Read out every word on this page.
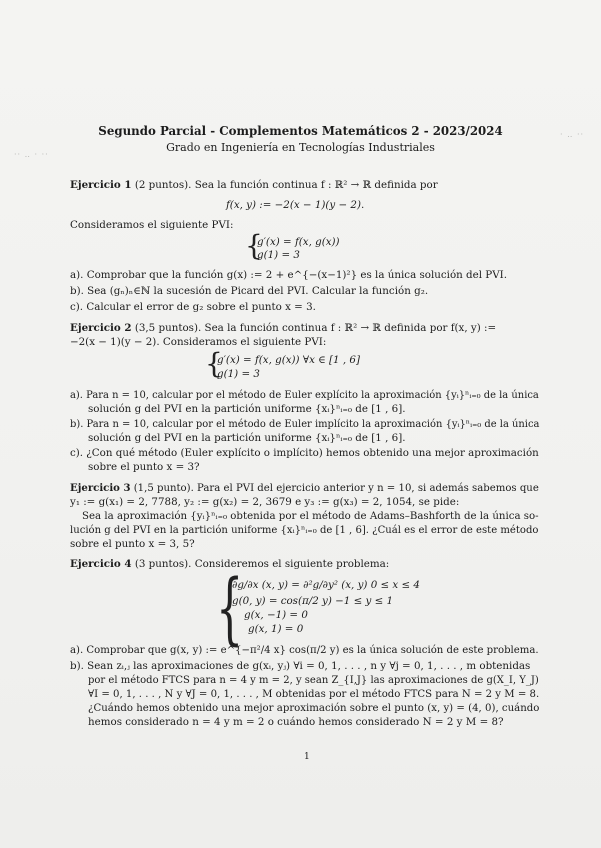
·· ‥ · ··
· ‥ ··
Segundo Parcial - Complementos Matemáticos 2 - 2023/2024
Grado en Ingeniería en Tecnologías Industriales
Ejercicio 1 (2 puntos). Sea la función continua f : ℝ² → ℝ definida por
f(x, y) := −2(x − 1)(y − 2).
Consideramos el siguiente PVI:
{
g′(x) = f(x, g(x))
g(1) = 3
a). Comprobar que la función g(x) := 2 + e^{−(x−1)²} es la única solución del PVI.
b). Sea (gₙ)ₙ∈ℕ la sucesión de Picard del PVI. Calcular la función g₂.
c). Calcular el error de g₂ sobre el punto x = 3.
Ejercicio 2 (3,5 puntos). Sea la función continua f : ℝ² → ℝ definida por f(x, y) :=
−2(x − 1)(y − 2). Consideramos el siguiente PVI:
{
g′(x) = f(x, g(x)) ∀x ∈ [1 , 6]
g(1) = 3
a). Para n = 10, calcular por el método de Euler explícito la aproximación {yᵢ}ⁿᵢ₌₀ de la única
solución g del PVI en la partición uniforme {xᵢ}ⁿᵢ₌₀ de [1 , 6].
b). Para n = 10, calcular por el método de Euler implícito la aproximación {yᵢ}ⁿᵢ₌₀ de la única
solución g del PVI en la partición uniforme {xᵢ}ⁿᵢ₌₀ de [1 , 6].
c). ¿Con qué método (Euler explícito o implícito) hemos obtenido una mejor aproximación
sobre el punto x = 3?
Ejercicio 3 (1,5 punto). Para el PVI del ejercicio anterior y n = 10, si además sabemos que
y₁ := g(x₁) = 2, 7788, y₂ := g(x₂) = 2, 3679 e y₃ := g(x₃) = 2, 1054, se pide:
Sea la aproximación {yᵢ}ⁿᵢ₌₀ obtenida por el método de Adams–Bashforth de la única so-
lución g del PVI en la partición uniforme {xᵢ}ⁿᵢ₌₀ de [1 , 6]. ¿Cuál es el error de este método
sobre el punto x = 3, 5?
Ejercicio 4 (3 puntos). Consideremos el siguiente problema:
{
∂g/∂x (x, y) = ∂²g/∂y² (x, y) 0 ≤ x ≤ 4
g(0, y) = cos(π/2 y) −1 ≤ y ≤ 1
g(x, −1) = 0
g(x, 1) = 0
a). Comprobar que g(x, y) := e^{−π²/4 x} cos(π/2 y) es la única solución de este problema.
b). Sean zᵢ,ⱼ las aproximaciones de g(xᵢ, yⱼ) ∀i = 0, 1, . . . , n y ∀j = 0, 1, . . . , m obtenidas
por el método FTCS para n = 4 y m = 2, y sean Z_{I,J} las aproximaciones de g(X_I, Y_J)
∀I = 0, 1, . . . , N y ∀J = 0, 1, . . . , M obtenidas por el método FTCS para N = 2 y M = 8.
¿Cuándo hemos obtenido una mejor aproximación sobre el punto (x, y) = (4, 0), cuándo
hemos considerado n = 4 y m = 2 o cuándo hemos considerado N = 2 y M = 8?
1
